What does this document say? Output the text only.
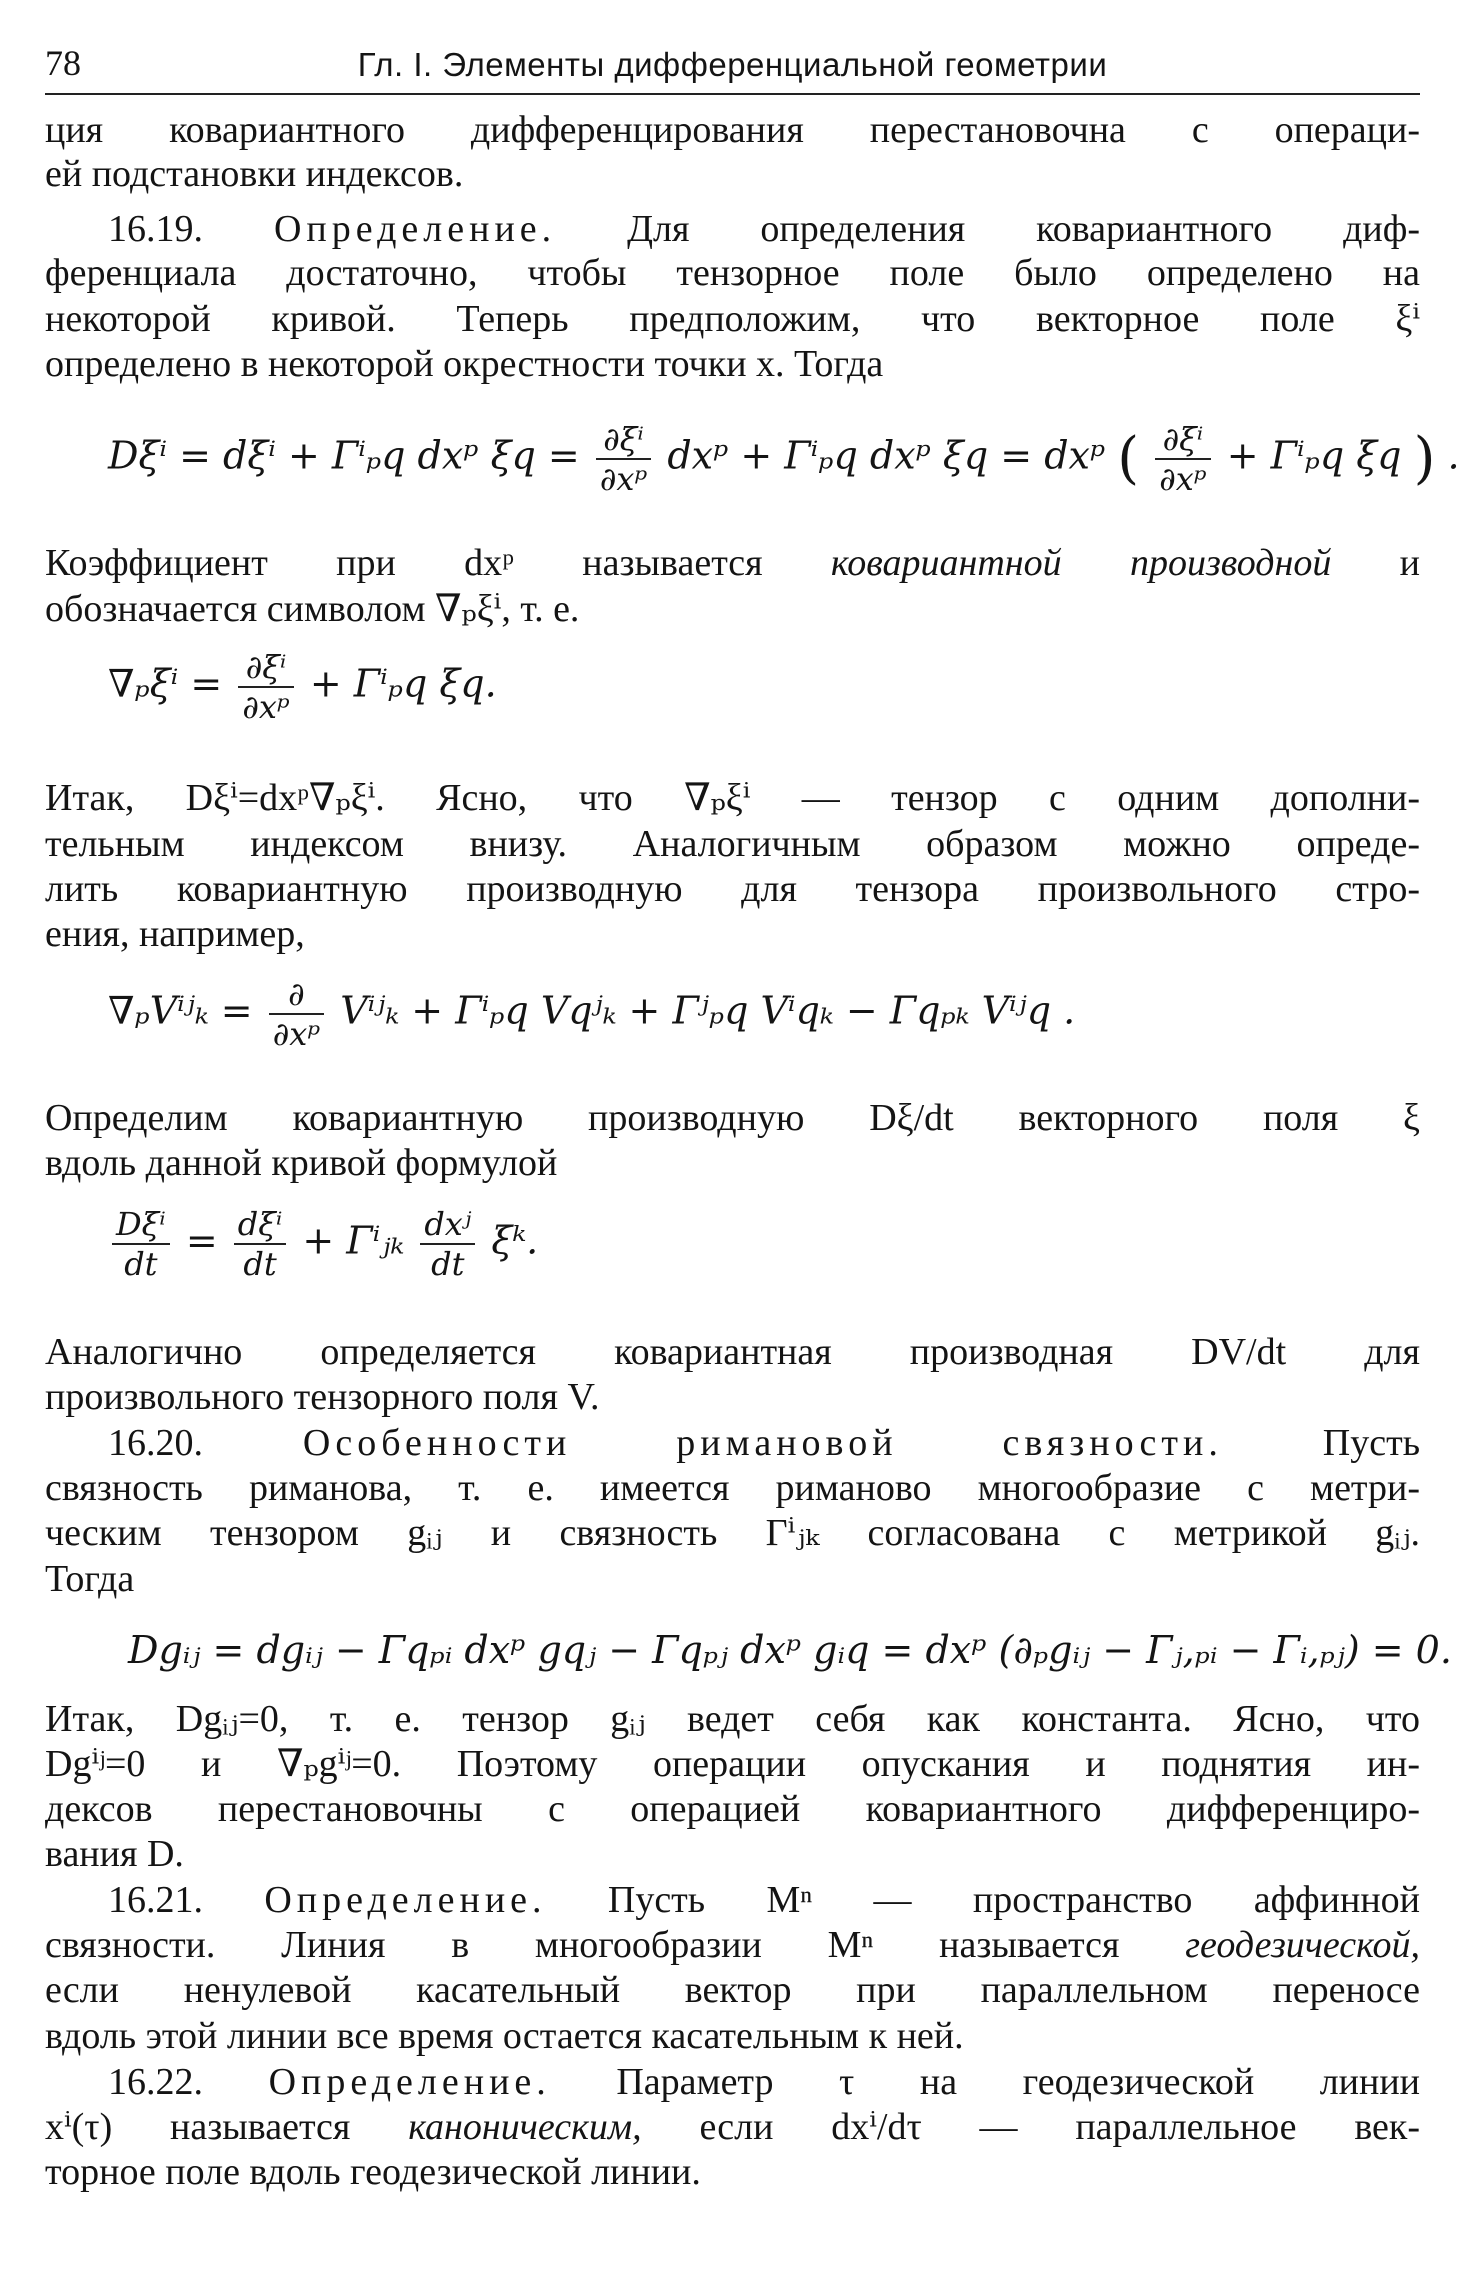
78	Гл. I. Элементы дифференциальной геометрии
ция ковариантного дифференцирования перестановочна с операци-
ей подстановки индексов.
16.19. Определение. Для определения ковариантного диф-
ференциала достаточно, чтобы тензорное поле было определено на
некоторой кривой. Теперь предположим, что векторное поле ξⁱ
определено в некоторой окрестности точки x. Тогда
Dξⁱ = dξⁱ + Γⁱₚq dxᵖ $\xi q = \frac{\text{∂ξⁱ}}{\text{∂xᵖ}}$ dxᵖ + Γⁱₚq dxᵖ ξq = dxᵖ ( $\frac{\text{∂ξⁱ}}{\text{∂xᵖ}} + \Gamma^i_pq$ ξq ) .
Коэффициент при dxᵖ называется ковариантной производной и
обозначается символом ∇ₚξⁱ, т. е.
$\nabla_p\xi^i = \frac{\text{∂ξⁱ}}{\text{∂xᵖ}} + \Gamma^i_pq$ ξq.
Итак, Dξⁱ=dxᵖ∇ₚξⁱ. Ясно, что ∇ₚξⁱ — тензор с одним дополни-
тельным индексом внизу. Аналогичным образом можно опреде-
лить ковариантную производную для тензора произвольного стро-
ения, например,
∇ₚVⁱʲₖ = $\frac{\partial}{\text{∂xᵖ}}$ Vⁱʲₖ + Γⁱₚq Vqʲₖ + Γʲₚq Vⁱqₖ − Γqₚₖ Vⁱʲq .
Определим ковариантную производную Dξ/dt векторного поля ξ
вдоль данной кривой формулой
$\frac{\text{Dξⁱ}}{dt} = \frac{\text{dξⁱ}}{dt}$ + Γⁱⱼₖ $\frac{\text{dxʲ}}{dt}$ ξᵏ.
Аналогично определяется ковариантная производная DV/dt для
произвольного тензорного поля V.
16.20.	Особенности римановой связности.	Пусть
связность риманова, т. е. имеется риманово многообразие с метри-
ческим тензором gᵢⱼ и связность Γⁱⱼₖ согласована с метрикой gᵢⱼ.
Тогда
Dgᵢⱼ = dgᵢⱼ − Γqₚᵢ dxᵖ gqⱼ − Γqₚⱼ dxᵖ gᵢq = dxᵖ (∂ₚgᵢⱼ − Γⱼ,ₚᵢ − Γᵢ,ₚⱼ) = 0.
Итак, Dgᵢⱼ=0, т. е. тензор gᵢⱼ ведет себя как константа. Ясно, что
Dgⁱʲ=0 и ∇ₚgⁱʲ=0. Поэтому операции опускания и поднятия ин-
дексов перестановочны с операцией ковариантного дифференциро-
вания D.
16.21. Определение. Пусть Mⁿ — пространство аффинной
связности. Линия в многообразии Mⁿ называется геодезической,
если ненулевой касательный вектор при параллельном переносе
вдоль этой линии все время остается касательным к ней.
16.22. Определение. Параметр τ на геодезической линии
xⁱ(τ) называется каноническим, если dxⁱ/dτ — параллельное век-
торное поле вдоль геодезической линии.
